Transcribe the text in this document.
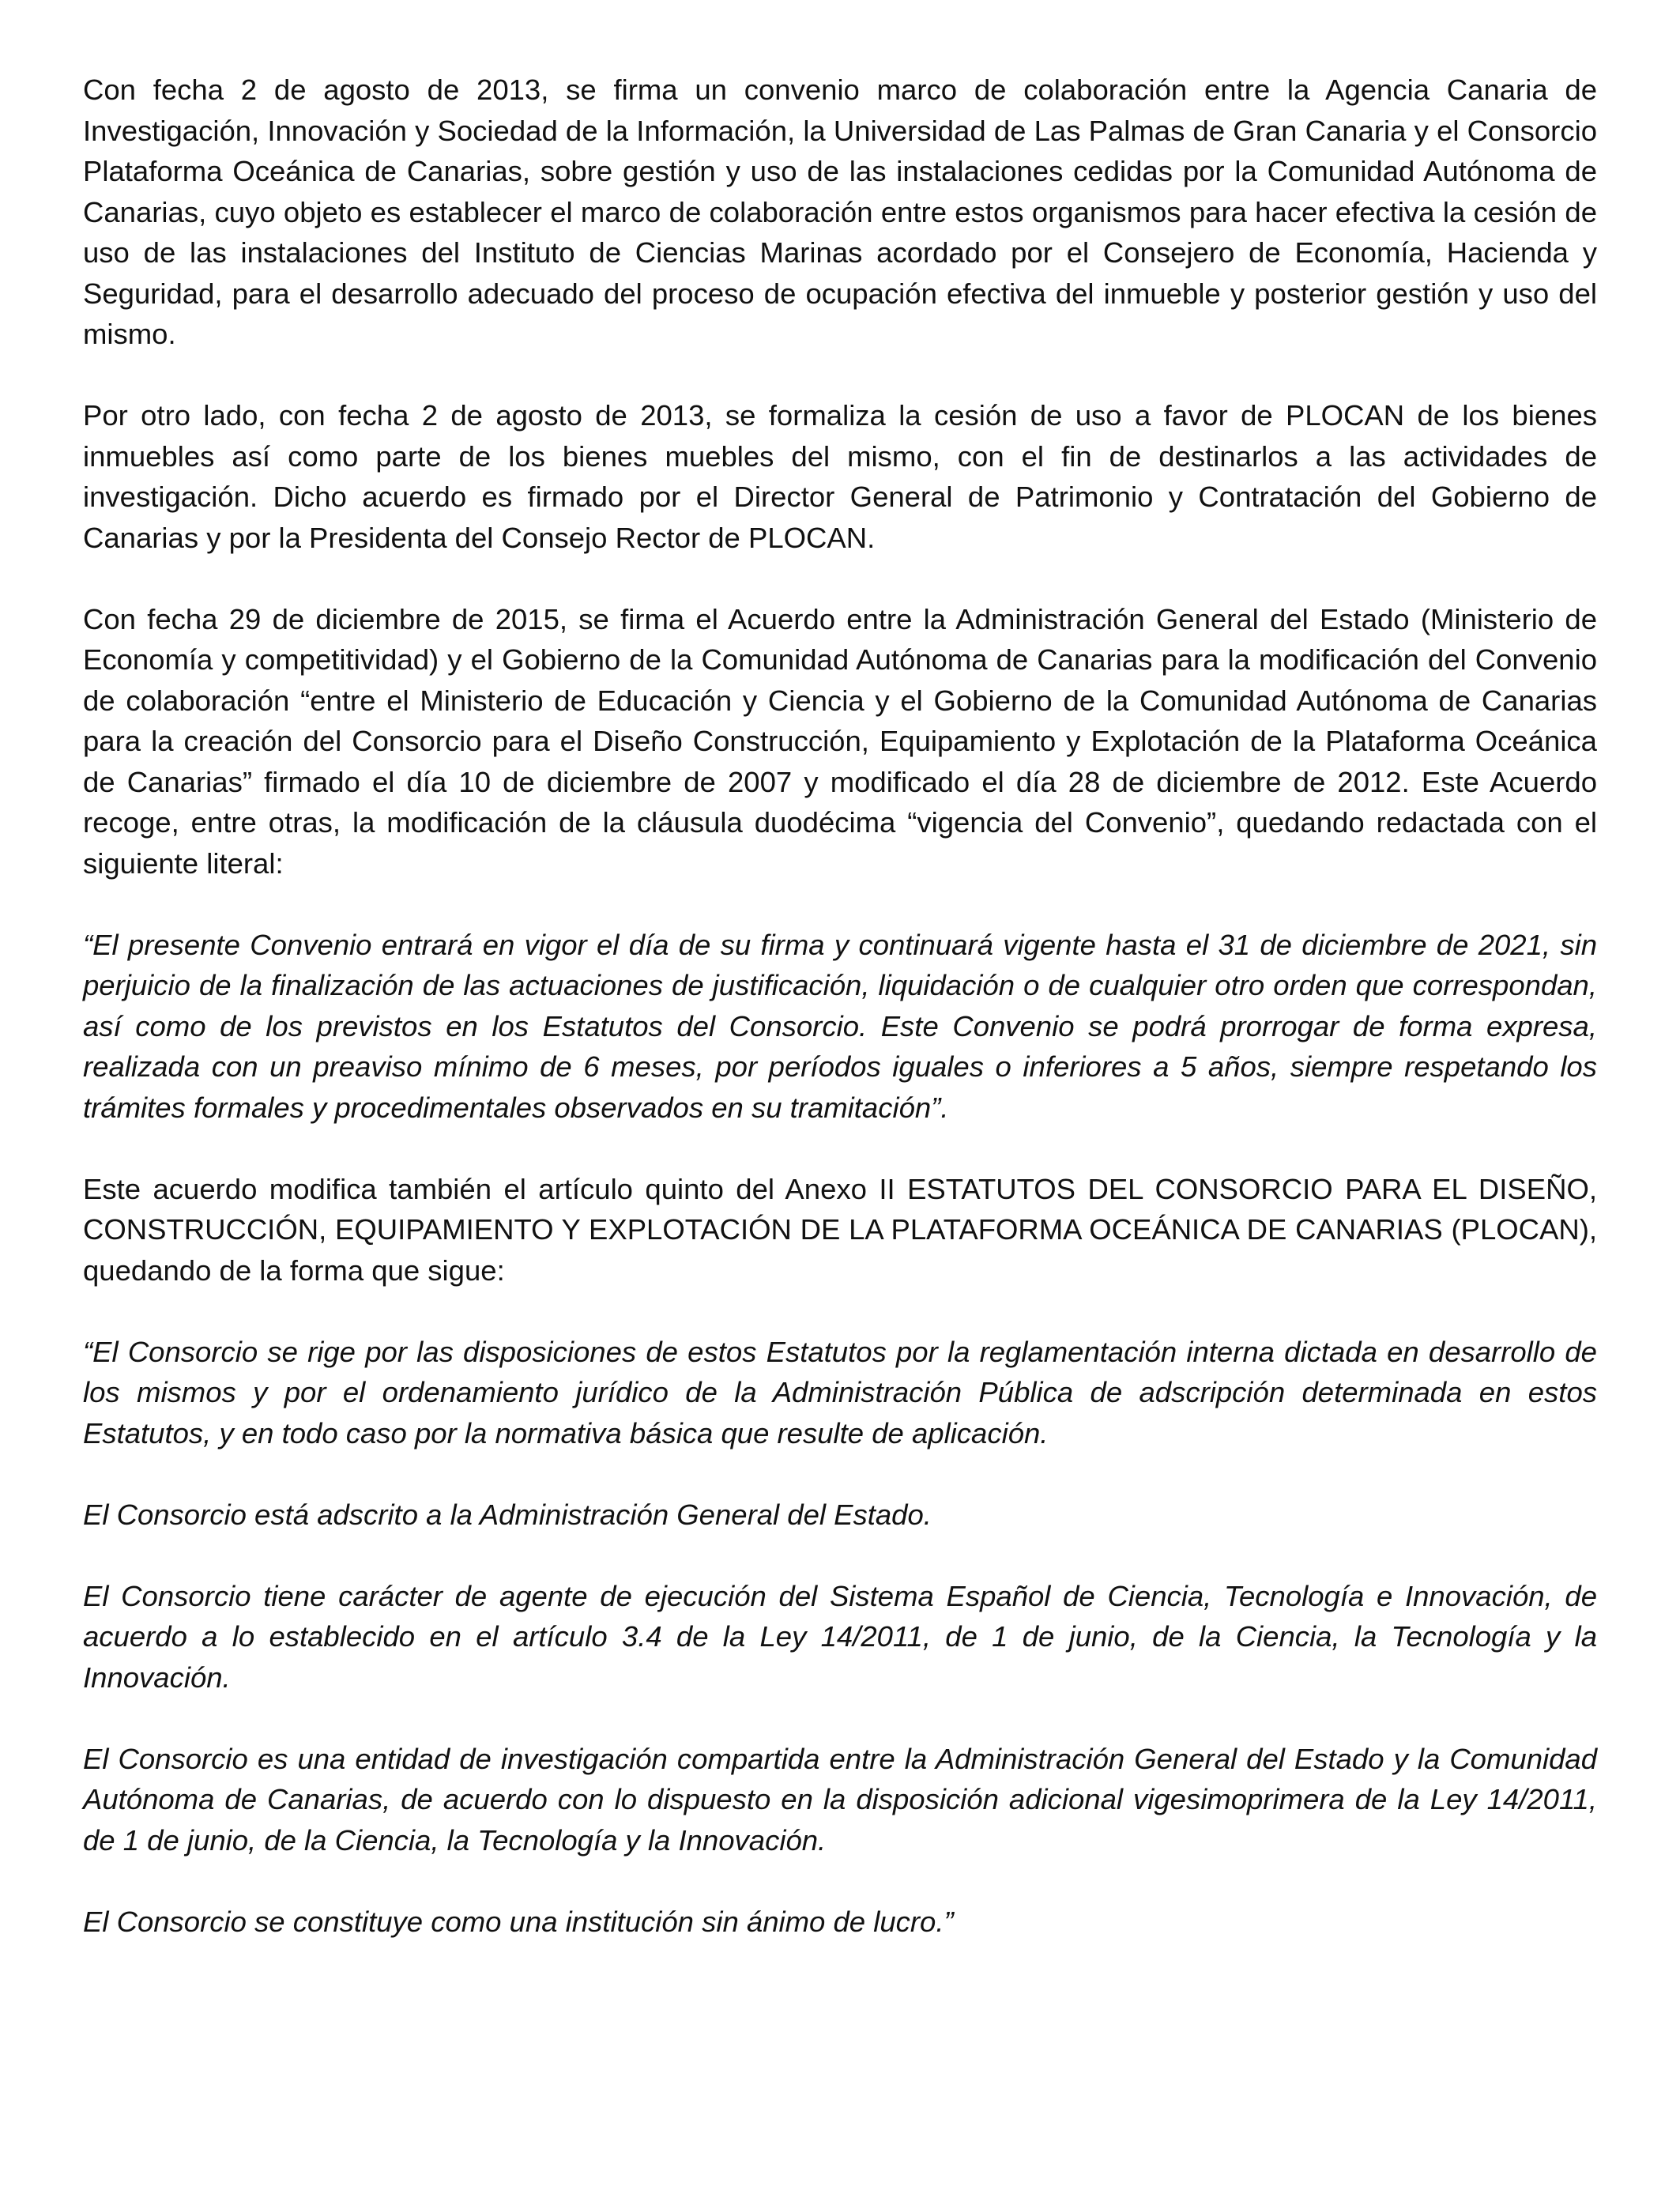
Con fecha 2 de agosto de 2013, se firma un convenio marco de colaboración entre la Agencia Canaria de Investigación, Innovación y Sociedad de la Información, la Universidad de Las Palmas de Gran Canaria y el Consorcio Plataforma Oceánica de Canarias, sobre gestión y uso de las instalaciones cedidas por la Comunidad Autónoma de Canarias, cuyo objeto es establecer el marco de colaboración entre estos organismos para hacer efectiva la cesión de uso de las instalaciones del Instituto de Ciencias Marinas acordado por el Consejero de Economía, Hacienda y Seguridad, para el desarrollo adecuado del proceso de ocupación efectiva del inmueble y posterior gestión y uso del mismo.

Por otro lado, con fecha 2 de agosto de 2013, se formaliza la cesión de uso a favor de PLOCAN de los bienes inmuebles así como parte de los bienes muebles del mismo, con el fin de destinarlos a las actividades de investigación. Dicho acuerdo es firmado por el Director General de Patrimonio y Contratación del Gobierno de Canarias y por la Presidenta del Consejo Rector de PLOCAN.

Con fecha 29 de diciembre de 2015, se firma el Acuerdo entre la Administración General del Estado (Ministerio de Economía y competitividad) y el Gobierno de la Comunidad Autónoma de Canarias para la modificación del Convenio de colaboración “entre el Ministerio de Educación y Ciencia y el Gobierno de la Comunidad Autónoma de Canarias para la creación del Consorcio para el Diseño Construcción, Equipamiento y Explotación de la Plataforma Oceánica de Canarias” firmado el día 10 de diciembre de 2007 y modificado el día 28 de diciembre de 2012. Este Acuerdo recoge, entre otras, la modificación de la cláusula duodécima “vigencia del Convenio”, quedando redactada con el siguiente literal:

“El presente Convenio entrará en vigor el día de su firma y continuará vigente hasta el 31 de diciembre de 2021, sin perjuicio de la finalización de las actuaciones de justificación, liquidación o de cualquier otro orden que correspondan, así como de los previstos en los Estatutos del Consorcio. Este Convenio se podrá prorrogar de forma expresa, realizada con un preaviso mínimo de 6 meses, por períodos iguales o inferiores a 5 años, siempre respetando los trámites formales y procedimentales observados en su tramitación”.

Este acuerdo modifica también el artículo quinto del Anexo II ESTATUTOS DEL CONSORCIO PARA EL DISEÑO, CONSTRUCCIÓN, EQUIPAMIENTO Y EXPLOTACIÓN DE LA PLATAFORMA OCEÁNICA DE CANARIAS (PLOCAN), quedando de la forma que sigue:

“El Consorcio se rige por las disposiciones de estos Estatutos por la reglamentación interna dictada en desarrollo de los mismos y por el ordenamiento jurídico de la Administración Pública de adscripción determinada en estos Estatutos, y en todo caso por la normativa básica que resulte de aplicación.

El Consorcio está adscrito a la Administración General del Estado.

El Consorcio tiene carácter de agente de ejecución del Sistema Español de Ciencia, Tecnología e Innovación, de acuerdo a lo establecido en el artículo 3.4 de la Ley 14/2011, de 1 de junio, de la Ciencia, la Tecnología y la Innovación.

El Consorcio es una entidad de investigación compartida entre la Administración General del Estado y la Comunidad Autónoma de Canarias, de acuerdo con lo dispuesto en la disposición adicional vigesimoprimera de la Ley 14/2011, de 1 de junio, de la Ciencia, la Tecnología y la Innovación.

El Consorcio se constituye como una institución sin ánimo de lucro.”
